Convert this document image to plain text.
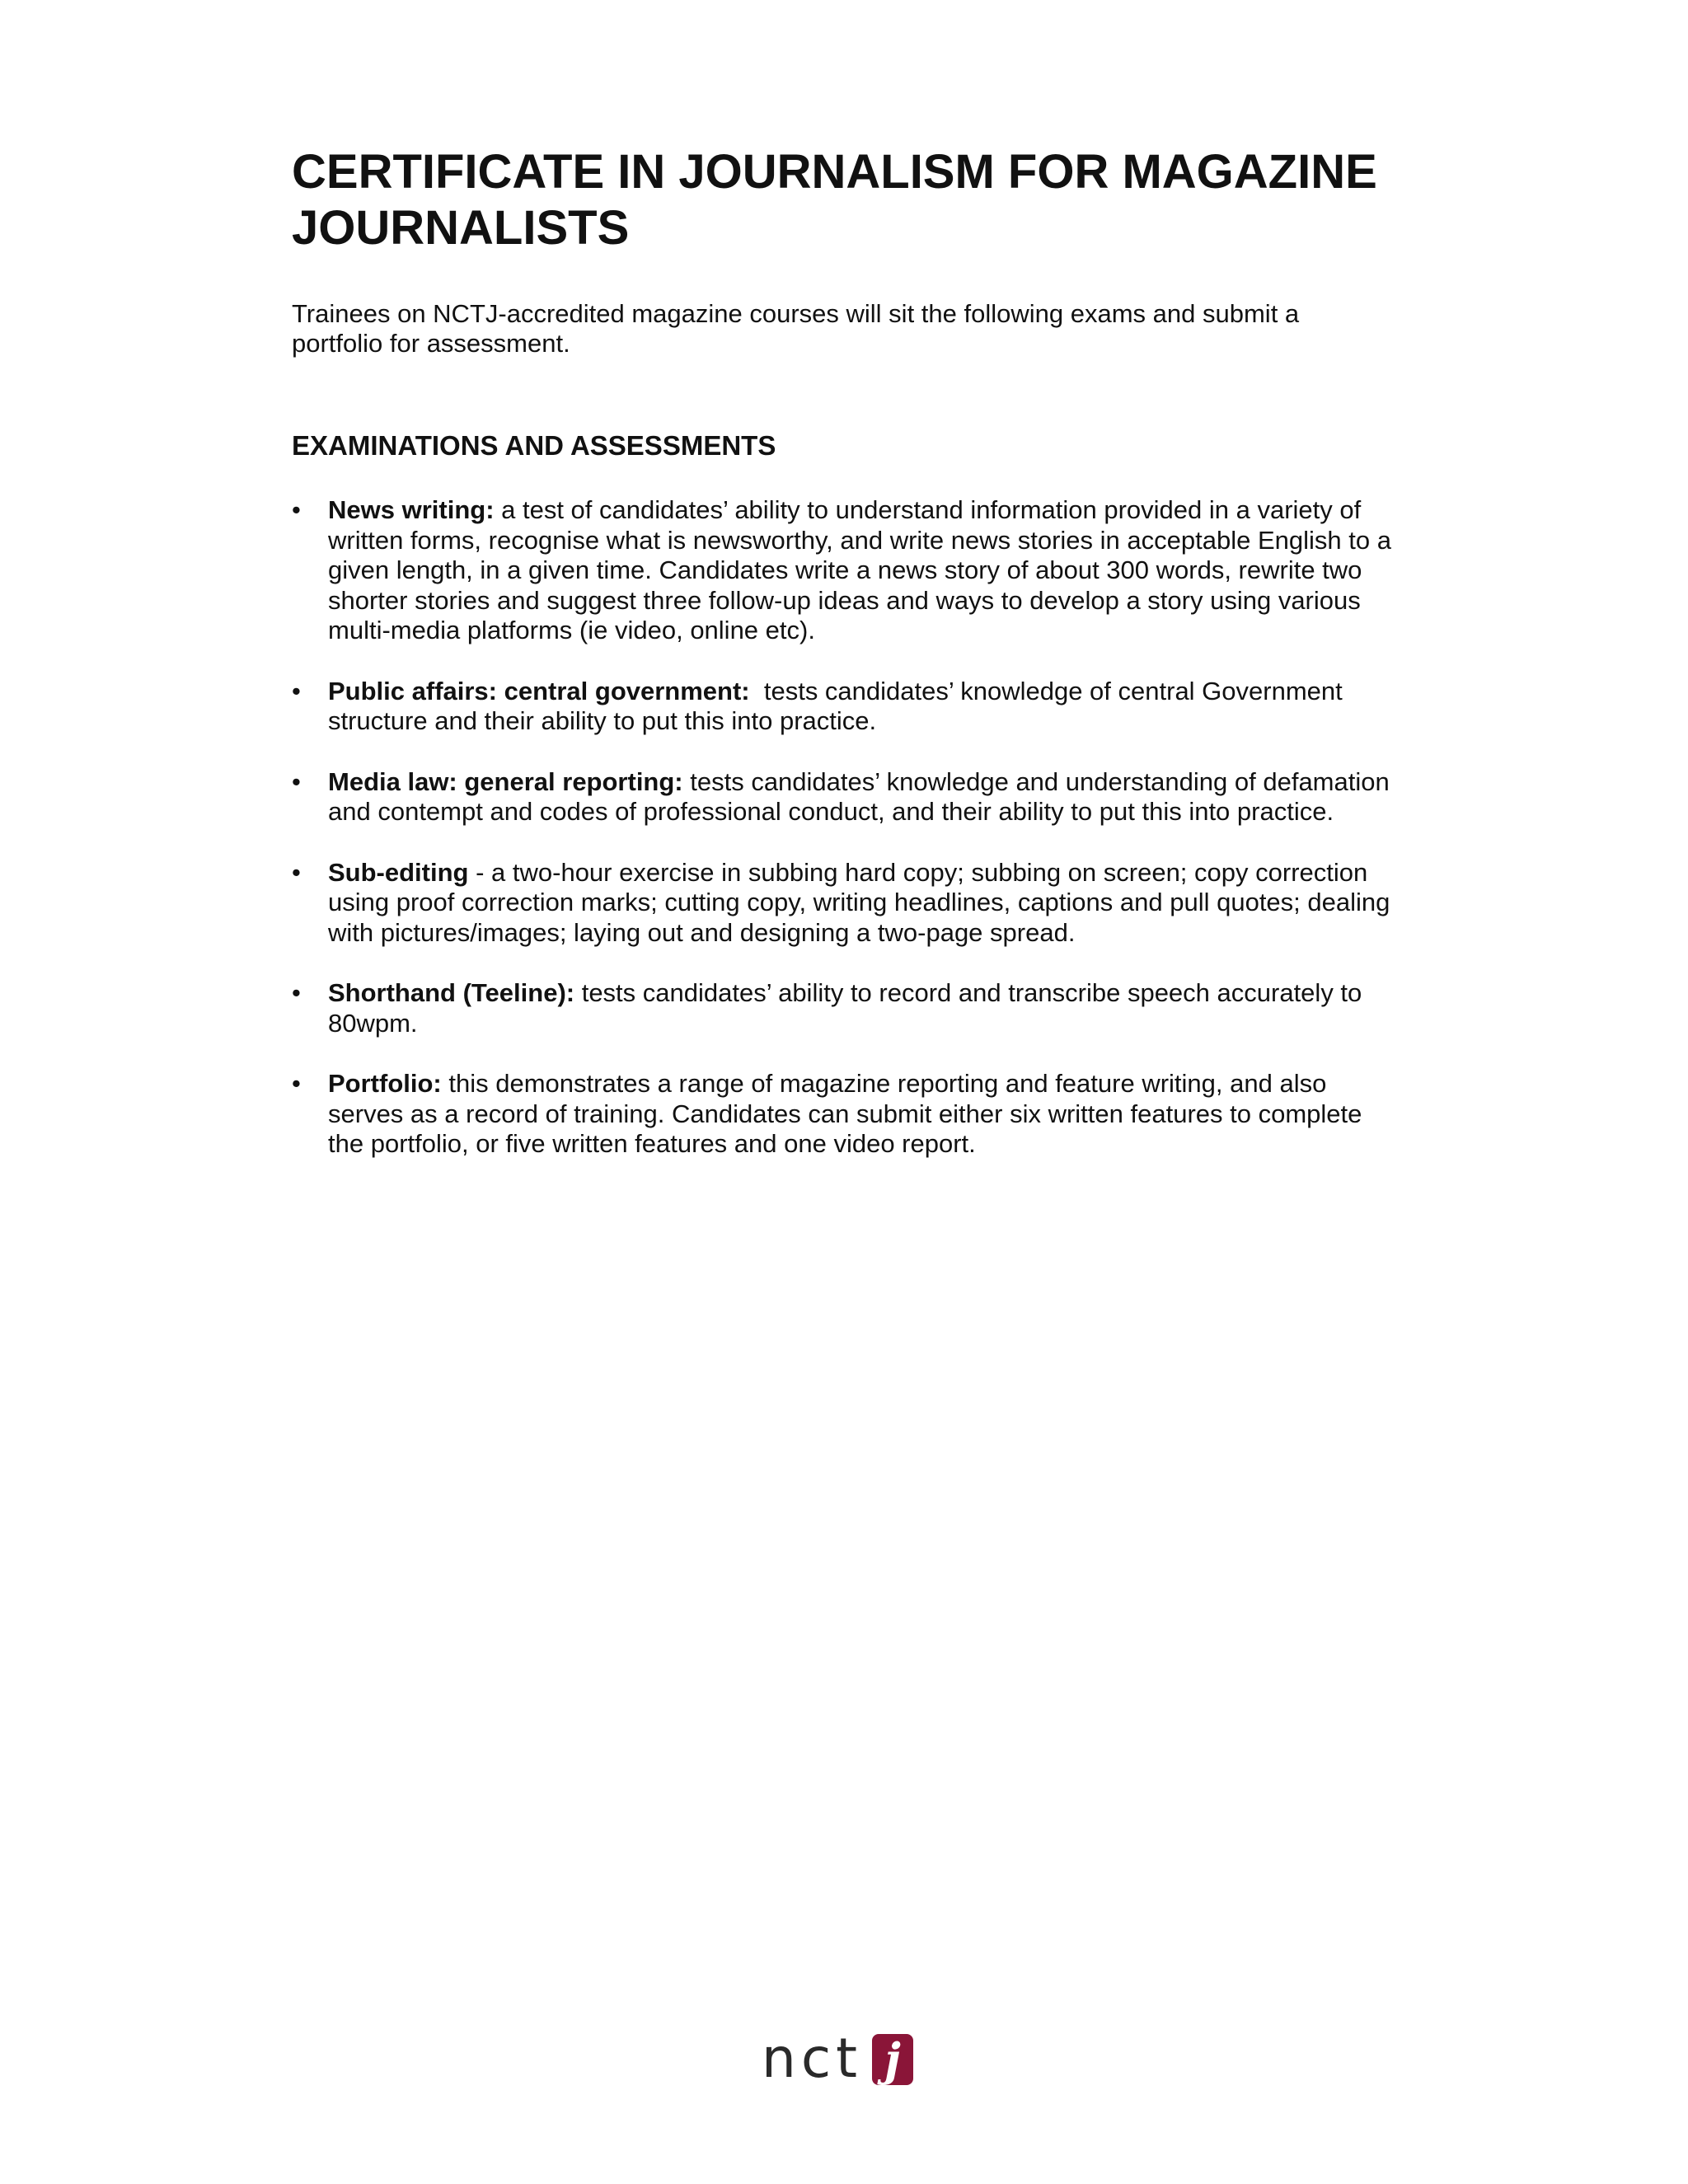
CERTIFICATE IN JOURNALISM FOR MAGAZINE
JOURNALISTS

Trainees on NCTJ-accredited magazine courses will sit the following exams and submit a portfolio for assessment.

EXAMINATIONS AND ASSESSMENTS
• News writing: a test of candidates’ ability to understand information provided in a variety of written forms, recognise what is newsworthy, and write news stories in acceptable English to a given length, in a given time. Candidates write a news story of about 300 words, rewrite two shorter stories and suggest three follow-up ideas and ways to develop a story using various multi-media platforms (ie video, online etc).
• Public affairs: central government:  tests candidates’ knowledge of central Government structure and their ability to put this into practice.
• Media law: general reporting: tests candidates’ knowledge and understanding of defamation and contempt and codes of professional conduct, and their ability to put this into practice.
• Sub-editing - a two-hour exercise in subbing hard copy; subbing on screen; copy correction using proof correction marks; cutting copy, writing headlines, captions and pull quotes; dealing with pictures/images; laying out and designing a two-page spread.
• Shorthand (Teeline): tests candidates’ ability to record and transcribe speech accurately to 80wpm.
• Portfolio: this demonstrates a range of magazine reporting and feature writing, and also serves as a record of training. Candidates can submit either six written features to complete the portfolio, or five written features and one video report.
nct j
